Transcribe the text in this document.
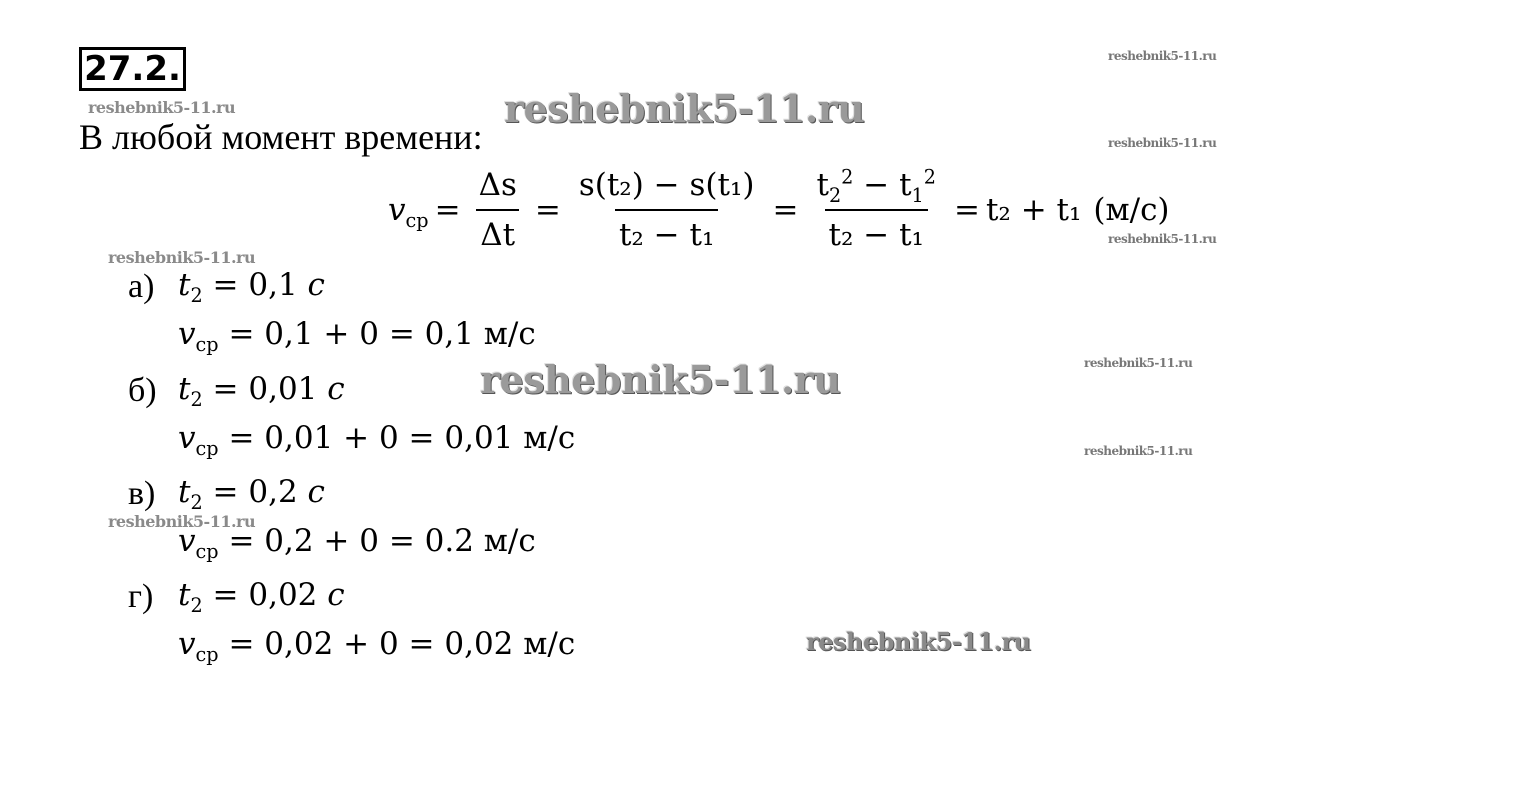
27.2.
В любой момент времени:
$v_{ср} = \frac{\Delta s}{\Delta t} = \frac{\text{s(t₂) − s(t₁)}}{\text{t₂ − t₁}} = \frac{t_2^2 - t_1^2}{\text{t₂ − t₁}} = t_2 + t_1$ (м/с)
а) $t_2 = 0,1$ c
$v_{ср} = 0,1 + 0 = 0,1$ м/с
б) $t_2 = 0,01$ c
$v_{ср} = 0,01 + 0 = 0,01$ м/с
в) $t_2 = 0,2$ c
$v_{ср} = 0,2 + 0 = 0.2$ м/с
г) $t_2 = 0,02$ c
$v_{ср} = 0,02 + 0 = 0,02$ м/с
reshebnik5-11.ru
reshebnik5-11.ru
reshebnik5-11.ru
reshebnik5-11.ru
reshebnik5-11.ru
reshebnik5-11.ru
reshebnik5-11.ru
reshebnik5-11.ru
reshebnik5-11.ru
reshebnik5-11.ru
reshebnik5-11.ru
